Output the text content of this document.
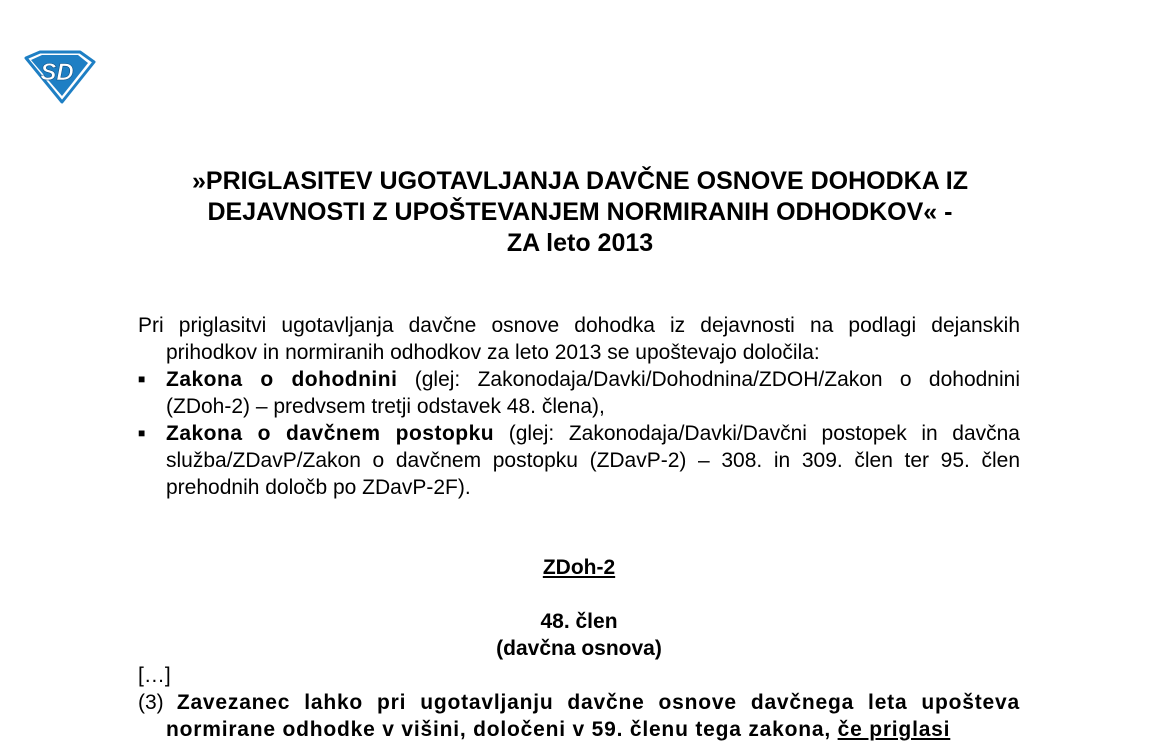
SD
»PRIGLASITEV UGOTAVLJANJA DAVČNE OSNOVE DOHODKA IZ
DEJAVNOSTI Z UPOŠTEVANJEM NORMIRANIH ODHODKOV« -
ZA leto 2013

Pri priglasitvi ugotavljanja davčne osnove dohodka iz dejavnosti na podlagi dejanskih prihodkov in normiranih odhodkov za leto 2013 se upoštevajo določila:

■ Zakona o dohodnini (glej: Zakonodaja/Davki/Dohodnina/ZDOH/Zakon o dohodnini (ZDoh-2) – predvsem tretji odstavek 48. člena),
■ Zakona o davčnem postopku (glej: Zakonodaja/Davki/Davčni postopek in davčna služba/ZDavP/Zakon o davčnem postopku (ZDavP-2) – 308. in 309. člen ter 95. člen prehodnih določb po ZDavP-2F).
ZDoh-2
48. člen
(davčna osnova)
[…]

(3) Zavezanec lahko pri ugotavljanju davčne osnove davčnega leta upošteva normirane odhodke v višini, določeni v 59. členu tega zakona, če priglasi
